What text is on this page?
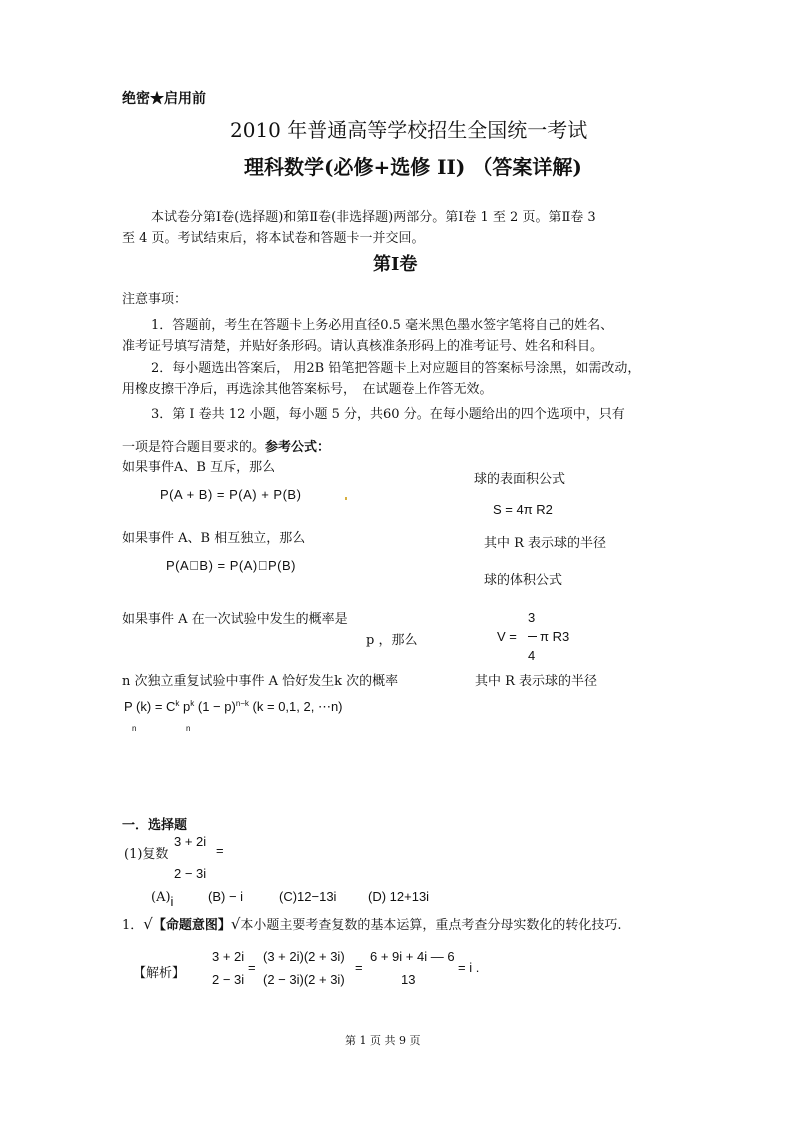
绝密★启用前
2010 年普通高等学校招生全国统一考试
理科数学(必修+选修 II) （答案详解)
本试卷分第Ⅰ卷(选择题)和第Ⅱ卷(非选择题)两部分。第Ⅰ卷 1 至 2 页。第Ⅱ卷 3
至 4 页。考试结束后，将本试卷和答题卡一并交回。
第Ⅰ卷
注意事项：
1．答题前，考生在答题卡上务必用直径0.5 毫米黑色墨水签字笔将自己的姓名、
准考证号填写清楚，并贴好条形码。请认真核准条形码上的准考证号、姓名和科目。
2．每小题选出答案后， 用2B 铅笔把答题卡上对应题目的答案标号涂黑，如需改动，
用橡皮擦干净后，再选涂其他答案标号，　在试题卷上作答无效。
3．第 I 卷共 12 小题，每小题 5 分，共60 分。在每小题给出的四个选项中，只有
一项是符合题目要求的。参考公式：
如果事件A、B 互斥，那么
P(A + B) = P(A) + P(B)
如果事件 A、B 相互独立，那么
P(A􀀀B) = P(A)􀀀P(B)
如果事件 A 在一次试验中发生的概率是
p ，那么
n 次独立重复试验中事件 A 恰好发生k 次的概率
P $(k) = C^k$ $p^k$ $(1 - p)^{n-k}$ (k = 0,1, 2, ⋯n)
n	n
球的表面积公式
S = 4π R2
其中 R 表示球的半径
球的体积公式
3
V = π R3
4
其中 R 表示球的半径
一．选择题
(1)复数
3 + 2i
=
2 − 3i
(A)i	(B) − i	(C)12−13i (D) 12+13i
1．√【命题意图】√本小题主要考查复数的基本运算，重点考查分母实数化的转化技巧.
【解析】
3 + 2i
2 − 3i
=
(3 + 2i)(2 + 3i)
(2 − 3i)(2 + 3i)
=
6 + 9i + 4i — 6
13
= i .
第 1 页 共 9 页
